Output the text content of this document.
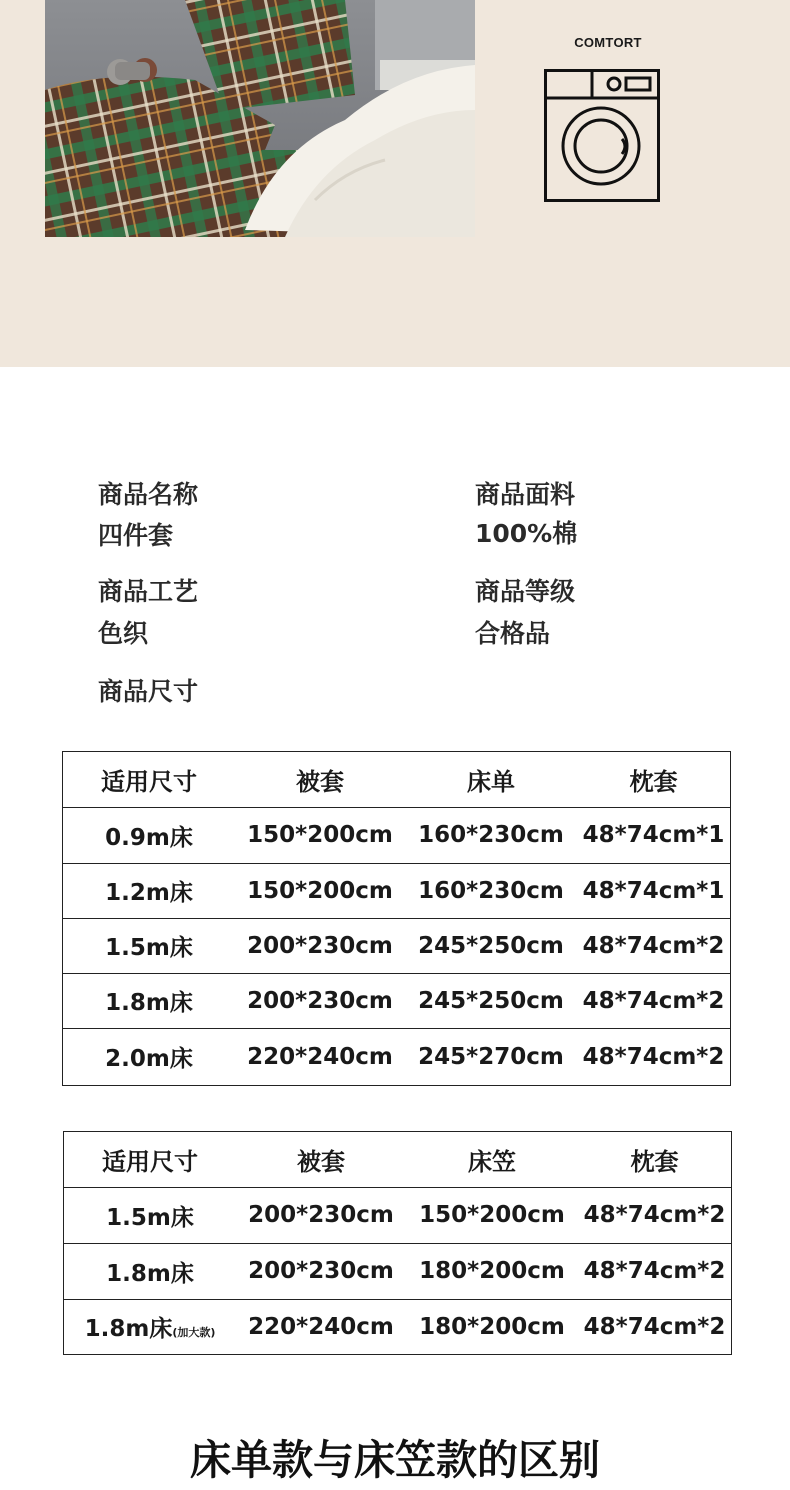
COMTORT
商品名称
四件套
商品面料
100%棉
商品工艺
色织
商品等级
合格品
商品尺寸
适用尺寸	被套	床单	枕套
0.9m床	150*200cm	160*230cm	48*74cm*1
1.2m床	150*200cm	160*230cm	48*74cm*1
1.5m床	200*230cm	245*250cm	48*74cm*2
1.8m床	200*230cm	245*250cm	48*74cm*2
2.0m床	220*240cm	245*270cm	48*74cm*2
适用尺寸	被套	床笠	枕套
1.5m床	200*230cm	150*200cm	48*74cm*2
1.8m床	200*230cm	180*200cm	48*74cm*2
1.8m床(加大款)	220*240cm	180*200cm	48*74cm*2
床单款与床笠款的区别
